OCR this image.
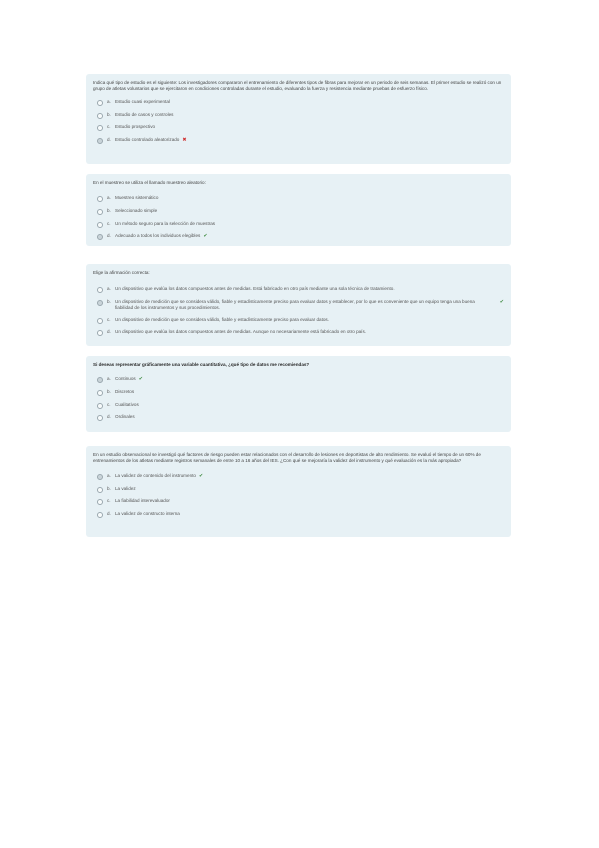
Indica qué tipo de estudio es el siguiente: Los investigadores compararon el entrenamiento de diferentes tipos de fibras para mejorar en un periodo de seis semanas. El primer estudio se realizó con un grupo de atletas voluntarios que se ejercitaron en condiciones controladas durante el estudio, evaluando la fuerza y resistencia mediante pruebas de esfuerzo físico.

a. Estudio cuasi experimental
b. Estudio de casos y controles
c. Estudio prospectivo
d. Estudio controlado aleatorizado ✖

En el muestreo se utiliza el llamado muestreo aleatorio:

a. Muestreo sistemático
b. Seleccionado simple
c. Un método seguro para la selección de muestras
d. Adecuado a todos los individuos elegibles ✔

Elige la afirmación correcta:

a. Un dispositivo que evalúa los datos compuestos antes de medidas. Está fabricado en otro país mediante una sola técnica de tratamiento.
b. Un dispositivo de medición que se considera válido, fiable y estadísticamente preciso para evaluar datos y establecer, por lo que es conveniente que un equipo tenga una buena fiabilidad de los instrumentos y sus procedimientos.
✔
c. Un dispositivo de medición que se considera válido, fiable y estadísticamente preciso para evaluar datos.
d. Un dispositivo que evalúa los datos compuestos antes de medidas. Aunque no necesariamente está fabricado en otro país.

Si deseas representar gráficamente una variable cuantitativa, ¿qué tipo de datos me recomiendas?

a. Continuos ✔
b. Discretos
c. Cualitativos
d. Ordinales

En un estudio observacional se investigó qué factores de riesgo pueden estar relacionados con el desarrollo de lesiones en deportistas de alto rendimiento. Se evaluó el tiempo de un 60% de entrenamientos de los atletas mediante registros semanales de entre 10 a 16 años del IES. ¿Con qué se mejoraría la validez del instrumento y qué evaluación es la más apropiada?

a. La validez de contenido del instrumento ✔
b. La validez
c. La fiabilidad interevaluador
d. La validez de constructo interna
